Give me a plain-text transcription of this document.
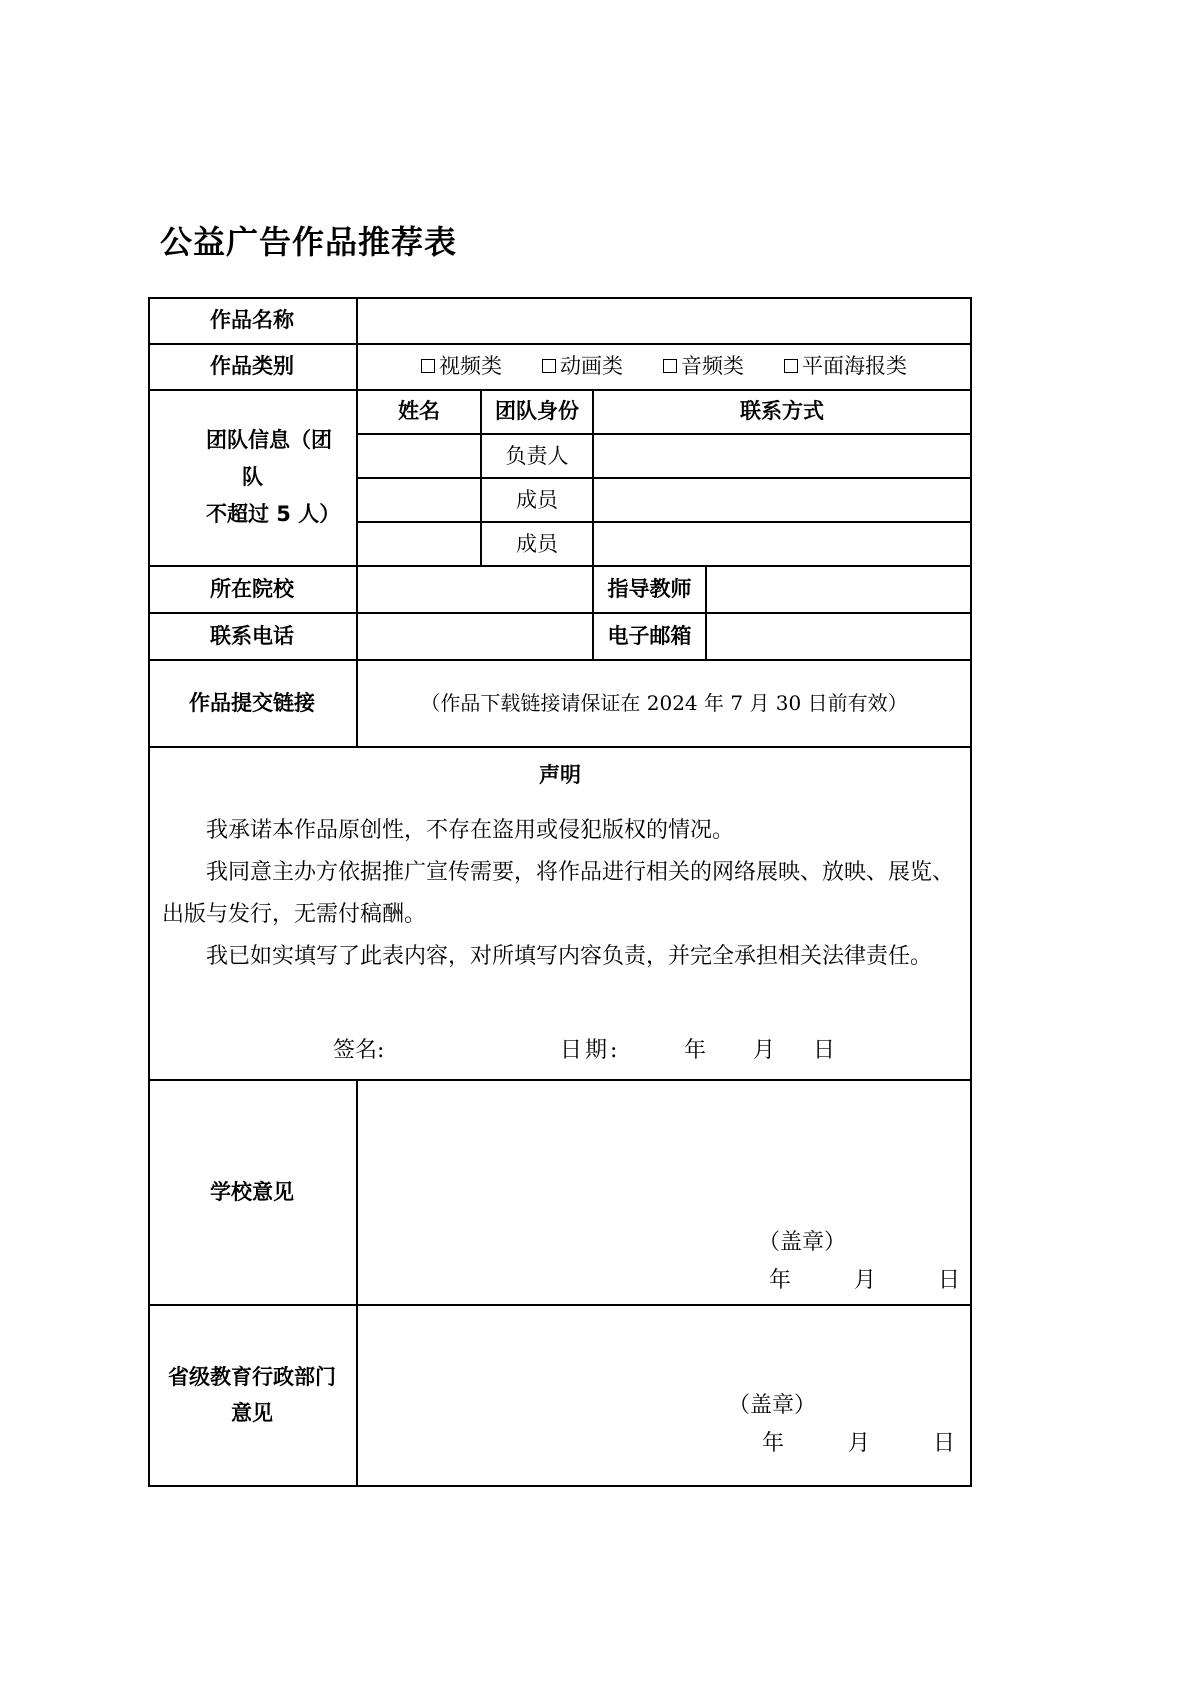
公益广告作品推荐表
作品名称
作品类别	视频类	动画类	音频类	平面海报类
团队信息（团
队
不超过 5 人）
姓名	团队身份	联系方式
负责人
成员
成员
所在院校	指导教师
联系电话	电子邮箱
作品提交链接	（作品下载链接请保证在 2024 年 7 月 30 日前有效）
声明

我承诺本作品原创性，不存在盗用或侵犯版权的情况。

我同意主办方依据推广宣传需要，将作品进行相关的网络展映、放映、展览、出版与发行，无需付稿酬。

我已如实填写了此表内容，对所填写内容负责，并完全承担相关法律责任。

签名:	日期:	年 月 日
学校意见
（盖章）
年	月	日
省级教育行政部门
意见	（盖章）
年	月	日
